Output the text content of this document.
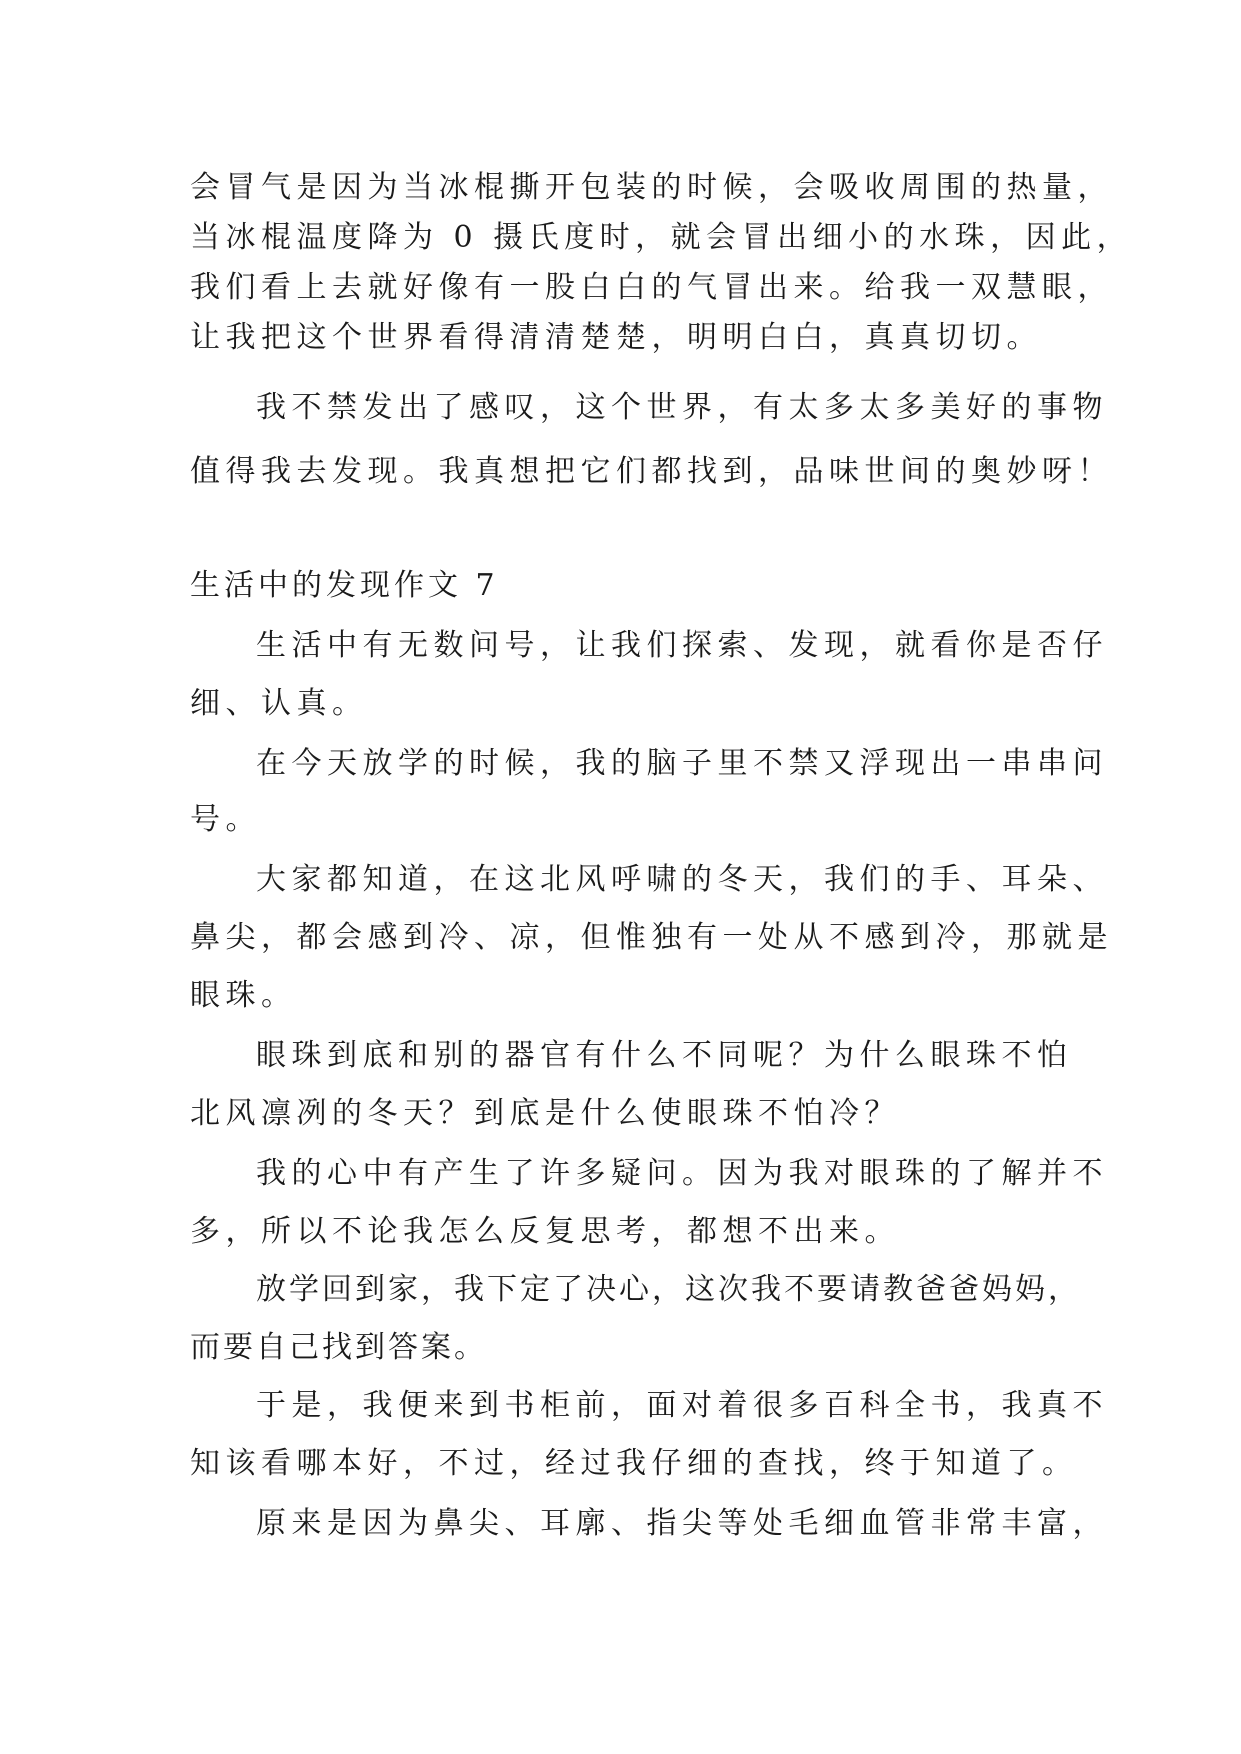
会冒气是因为当冰棍撕开包装的时候，会吸收周围的热量，
当冰棍温度降为 0 摄氏度时，就会冒出细小的水珠，因此，
我们看上去就好像有一股白白的气冒出来。给我一双慧眼，
让我把这个世界看得清清楚楚，明明白白，真真切切。
我不禁发出了感叹，这个世界，有太多太多美好的事物
值得我去发现。我真想把它们都找到，品味世间的奥妙呀！
生活中的发现作文 7
生活中有无数问号，让我们探索、发现，就看你是否仔
细、认真。
在今天放学的时候，我的脑子里不禁又浮现出一串串问
号。
大家都知道，在这北风呼啸的冬天，我们的手、耳朵、
鼻尖，都会感到冷、凉，但惟独有一处从不感到冷，那就是
眼珠。
眼珠到底和别的器官有什么不同呢？为什么眼珠不怕
北风凛冽的冬天？到底是什么使眼珠不怕冷？
我的心中有产生了许多疑问。因为我对眼珠的了解并不
多，所以不论我怎么反复思考，都想不出来。
放学回到家，我下定了决心，这次我不要请教爸爸妈妈，
而要自己找到答案。
于是，我便来到书柜前，面对着很多百科全书，我真不
知该看哪本好，不过，经过我仔细的查找，终于知道了。
原来是因为鼻尖、耳廓、指尖等处毛细血管非常丰富，
